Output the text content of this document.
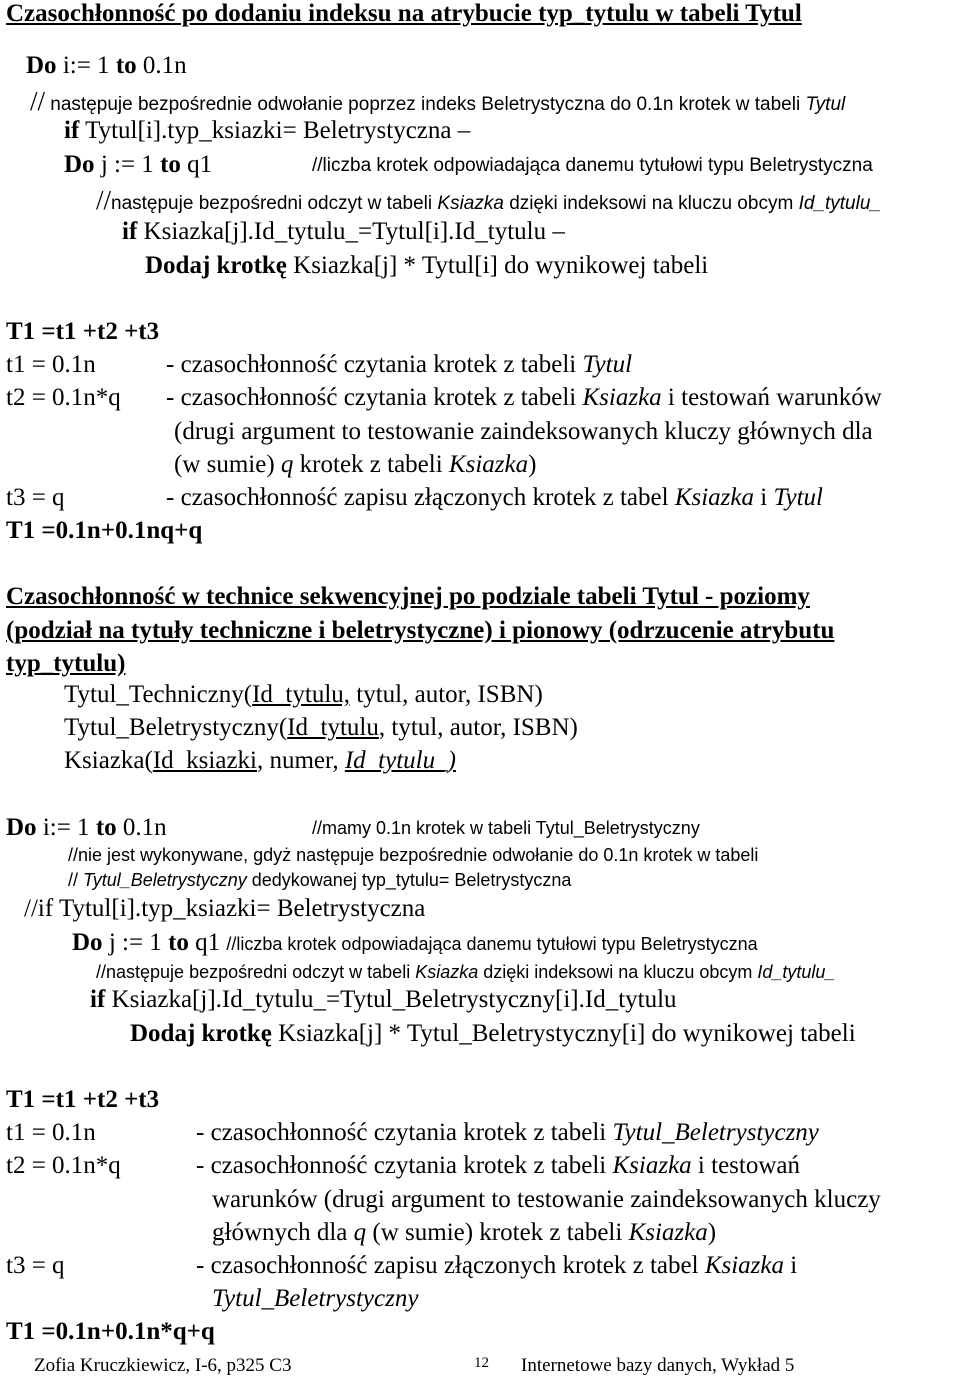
Czasochłonność po dodaniu indeksu na atrybucie typ_tytulu w tabeli Tytul
Do i:= 1 to 0.1n
// następuje bezpośrednie odwołanie poprzez indeks Beletrystyczna do 0.1n krotek w tabeli Tytul
if Tytul[i].typ_ksiazki= Beletrystyczna –
Do j := 1 to q1	//liczba krotek odpowiadająca danemu tytułowi typu Beletrystyczna
//następuje bezpośredni odczyt w tabeli Ksiazka dzięki indeksowi na kluczu obcym Id_tytulu_
if Ksiazka[j].Id_tytulu_=Tytul[i].Id_tytulu –
Dodaj krotkę Ksiazka[j] * Tytul[i] do wynikowej tabeli
T1 =t1 +t2 +t3
t1 = 0.1n	- czasochłonność czytania krotek z tabeli Tytul
t2 = 0.1n*q - czasochłonność czytania krotek z tabeli Ksiazka i testowań warunków
(drugi argument to testowanie zaindeksowanych kluczy głównych dla
(w sumie) q krotek z tabeli Ksiazka)
t3 = q	- czasochłonność zapisu złączonych krotek z tabel Ksiazka i Tytul
T1 =0.1n+0.1nq+q
Czasochłonność w technice sekwencyjnej po podziale tabeli Tytul - poziomy
(podział na tytuły techniczne i beletrystyczne) i pionowy (odrzucenie atrybutu
typ_tytulu)
Tytul_Techniczny(Id_tytulu, tytul, autor, ISBN)
Tytul_Beletrystyczny(Id_tytulu, tytul, autor, ISBN)
Ksiazka(Id_ksiazki, numer, Id_tytulu_)
Do i:= 1 to 0.1n	//mamy 0.1n krotek w tabeli Tytul_Beletrystyczny
//nie jest wykonywane, gdyż następuje bezpośrednie odwołanie do 0.1n krotek w tabeli
// Tytul_Beletrystyczny dedykowanej typ_tytulu= Beletrystyczna
//if Tytul[i].typ_ksiazki= Beletrystyczna
Do j := 1 to q1 //liczba krotek odpowiadająca danemu tytułowi typu Beletrystyczna
//następuje bezpośredni odczyt w tabeli Ksiazka dzięki indeksowi na kluczu obcym Id_tytulu_
if Ksiazka[j].Id_tytulu_=Tytul_Beletrystyczny[i].Id_tytulu
Dodaj krotkę Ksiazka[j] * Tytul_Beletrystyczny[i] do wynikowej tabeli
T1 =t1 +t2 +t3
t1 = 0.1n	- czasochłonność czytania krotek z tabeli Tytul_Beletrystyczny
t2 = 0.1n*q	- czasochłonność czytania krotek z tabeli Ksiazka i testowań
warunków (drugi argument to testowanie zaindeksowanych kluczy
głównych dla q (w sumie) krotek z tabeli Ksiazka)
t3 = q	- czasochłonność zapisu złączonych krotek z tabel Ksiazka i
Tytul_Beletrystyczny
T1 =0.1n+0.1n*q+q
Zofia Kruczkiewicz, I-6, p325 C3	12 Internetowe bazy danych, Wykład 5
